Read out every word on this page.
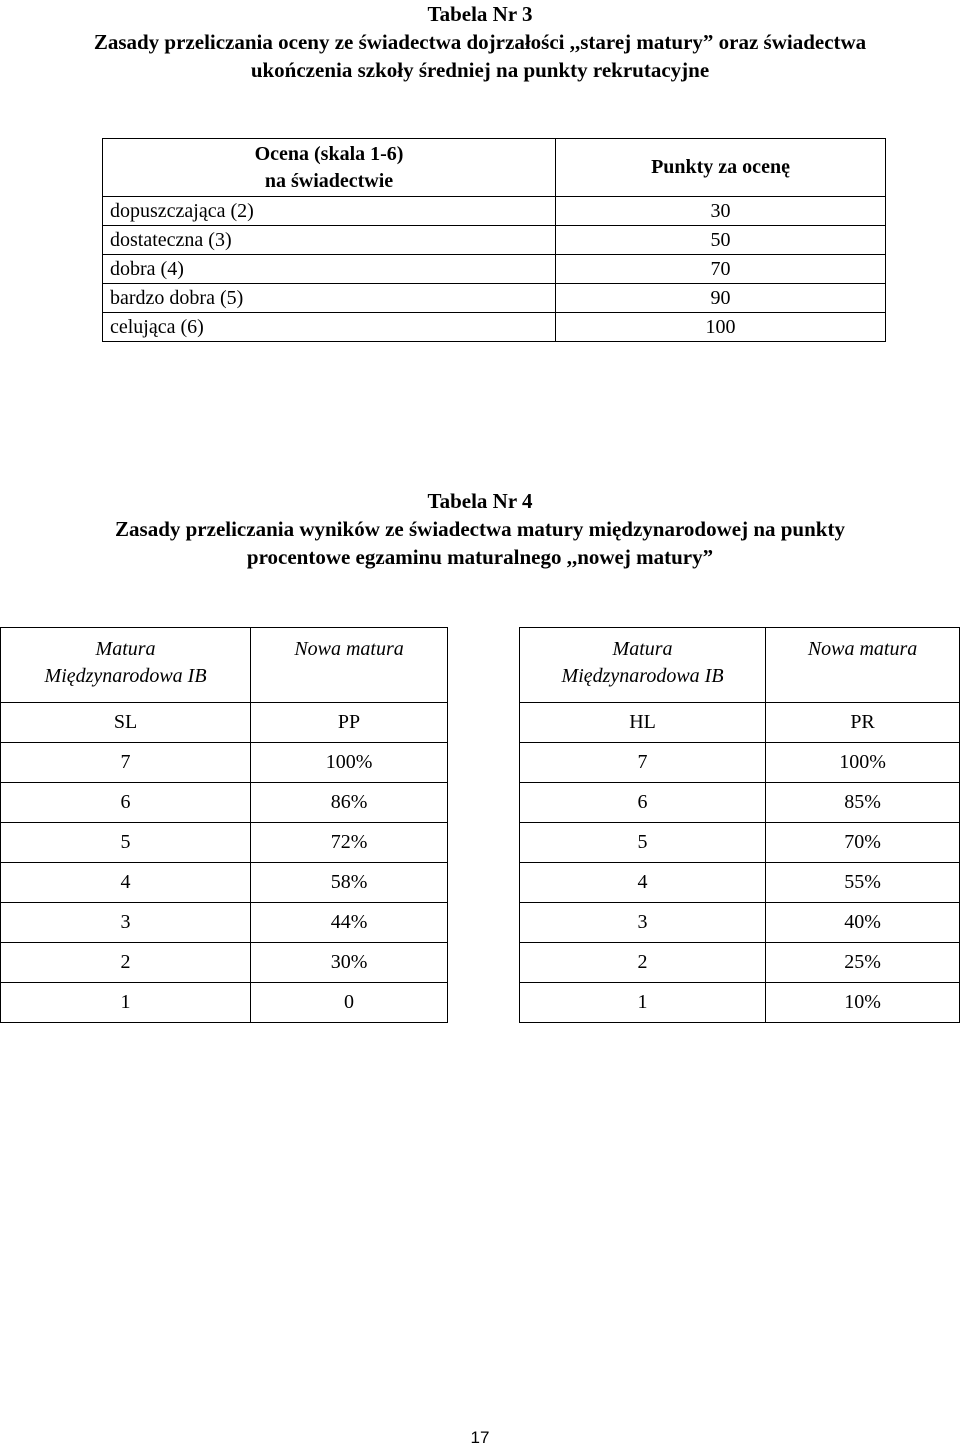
Tabela Nr 3
Zasady przeliczania oceny ze świadectwa dojrzałości ,,starej matury” oraz świadectwa
ukończenia szkoły średniej na punkty rekrutacyjne
Ocena (skala 1-6)
na świadectwie	Punkty za ocenę
dopuszczająca (2)	30
dostateczna (3)	50
dobra (4)	70
bardzo dobra (5)	90
celująca (6)	100
Tabela Nr 4
Zasady przeliczania wyników ze świadectwa matury międzynarodowej na punkty
procentowe egzaminu maturalnego ,,nowej matury”
Matura
Międzynarodowa IB	Nowa matura
SL	PP
7	100%
6	86%
5	72%
4	58%
3	44%
2	30%
1	0
Matura
Międzynarodowa IB	Nowa matura
HL	PR
7	100%
6	85%
5	70%
4	55%
3	40%
2	25%
1	10%
17
